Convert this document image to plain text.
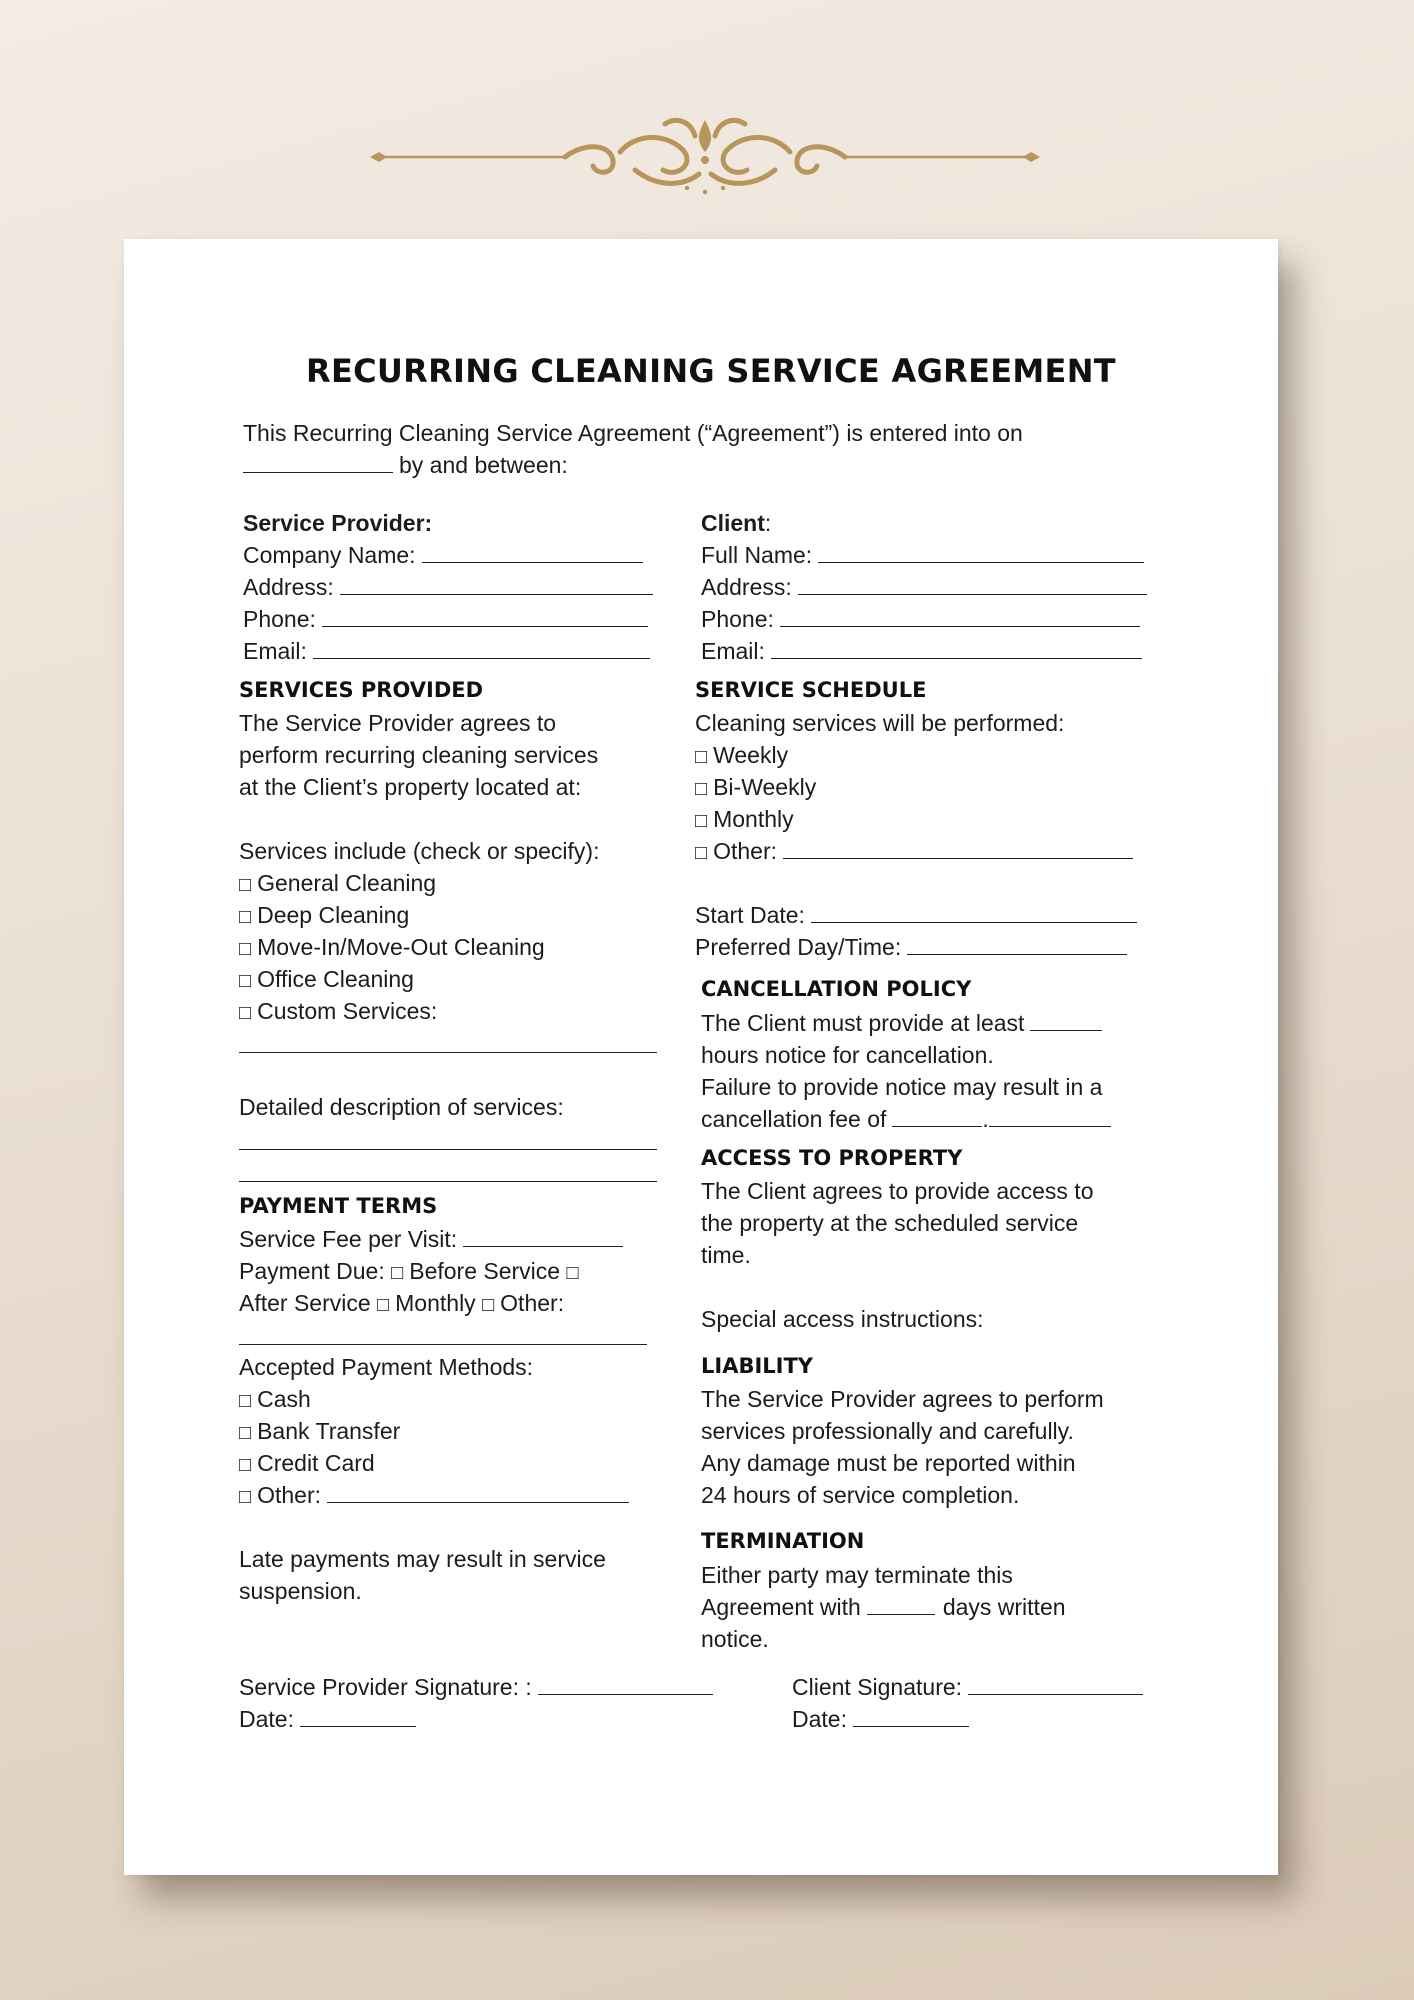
RECURRING CLEANING SERVICE AGREEMENT
This Recurring Cleaning Service Agreement (“Agreement”) is entered into on
by and between:
Service Provider:
Company Name:
Address:
Phone:
Email:
Client:
Full Name:
Address:
Phone:
Email:
SERVICES PROVIDED
The Service Provider agrees to
perform recurring cleaning services
at the Client’s property located at:
Services include (check or specify):
□ General Cleaning
□ Deep Cleaning
□ Move-In/Move-Out Cleaning
□ Office Cleaning
□ Custom Services:
Detailed description of services:
PAYMENT TERMS
Service Fee per Visit:
Payment Due: □ Before Service □
After Service □ Monthly □ Other:
Accepted Payment Methods:
□ Cash
□ Bank Transfer
□ Credit Card
□ Other:
Late payments may result in service
suspension.
SERVICE SCHEDULE
Cleaning services will be performed:
□ Weekly
□ Bi-Weekly
□ Monthly
□ Other:
Start Date:
Preferred Day/Time:
CANCELLATION POLICY
The Client must provide at least
hours notice for cancellation.
Failure to provide notice may result in a
cancellation fee of	.
ACCESS TO PROPERTY
The Client agrees to provide access to
the property at the scheduled service
time.
Special access instructions:
LIABILITY
The Service Provider agrees to perform
services professionally and carefully.
Any damage must be reported within
24 hours of service completion.
TERMINATION
Either party may terminate this
Agreement with	days written
notice.
Service Provider Signature: :
Date:
Client Signature:
Date:
